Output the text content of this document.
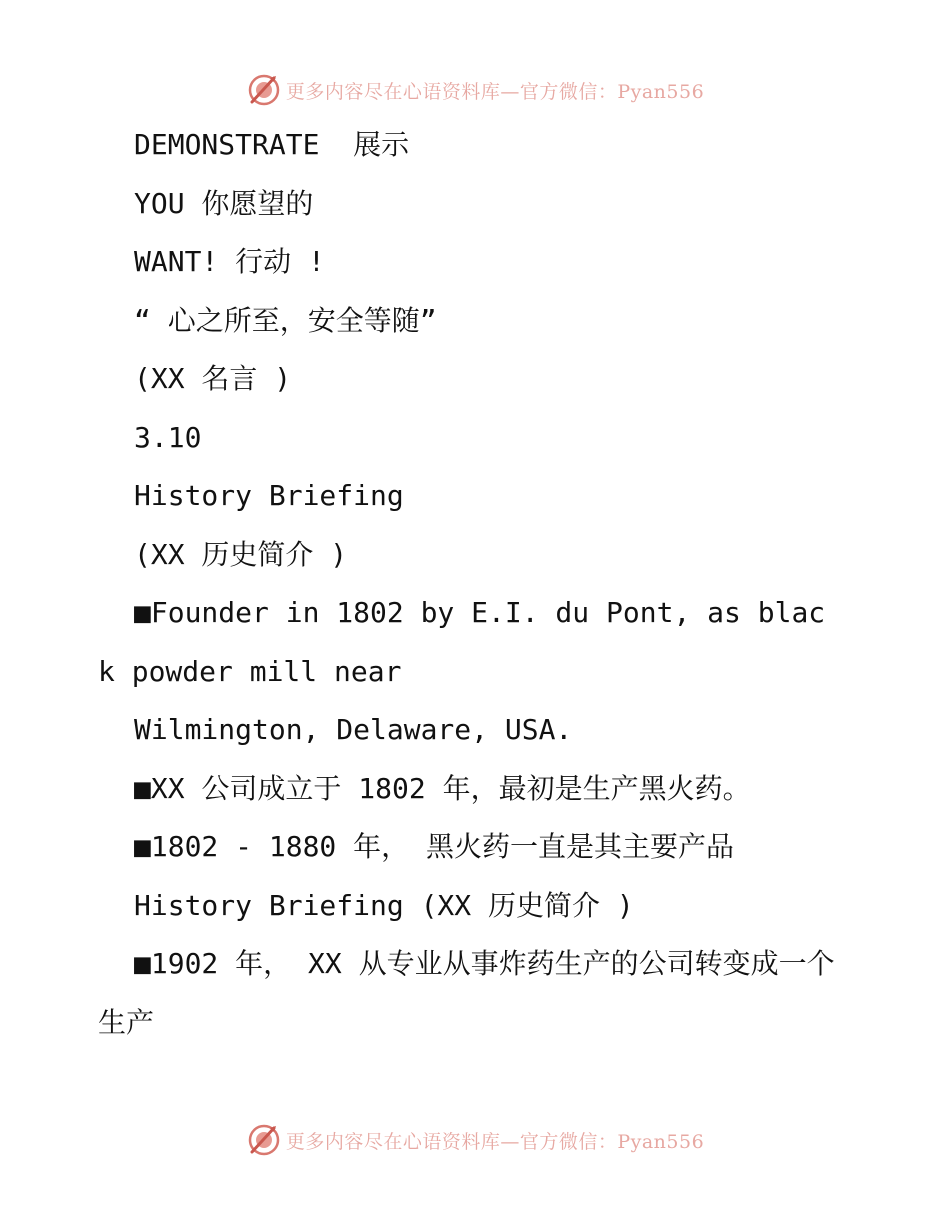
更多内容尽在心语资料库—官方微信：Pyan556

DEMONSTRATE  展示

YOU 你愿望的

WANT! 行动 !

“ 心之所至，安全等随”

(XX 名言 )

3.10

History Briefing

(XX 历史简介 )

■Founder in 1802 by E.I. du Pont, as black powder mill near

Wilmington, Delaware, USA.

■XX 公司成立于 1802 年，最初是生产黑火药。

■1802 - 1880 年， 黑火药一直是其主要产品

History Briefing (XX 历史简介 )

■1902 年， XX 从专业从事炸药生产的公司转变成一个生产

更多内容尽在心语资料库—官方微信：Pyan556
